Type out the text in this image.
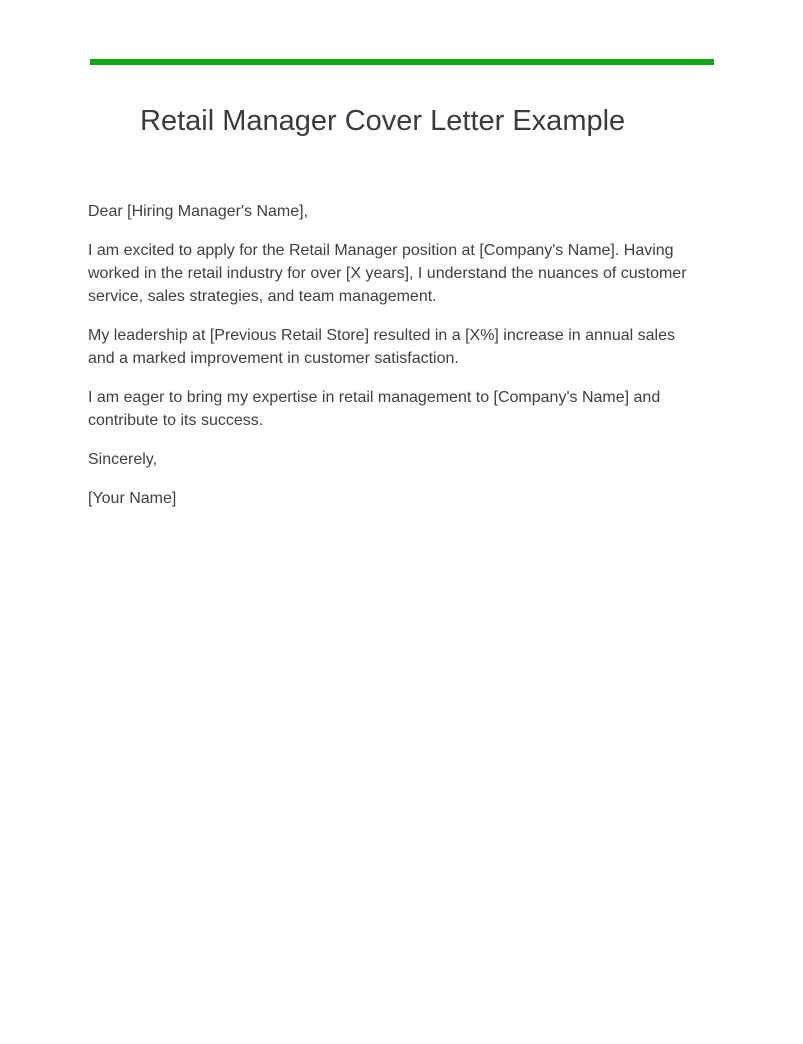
Retail Manager Cover Letter Example

Dear [Hiring Manager's Name],

I am excited to apply for the Retail Manager position at [Company's Name]. Having worked in the retail industry for over [X years], I understand the nuances of customer service, sales strategies, and team management.

My leadership at [Previous Retail Store] resulted in a [X%] increase in annual sales and a marked improvement in customer satisfaction.

I am eager to bring my expertise in retail management to [Company's Name] and contribute to its success.

Sincerely,

[Your Name]
